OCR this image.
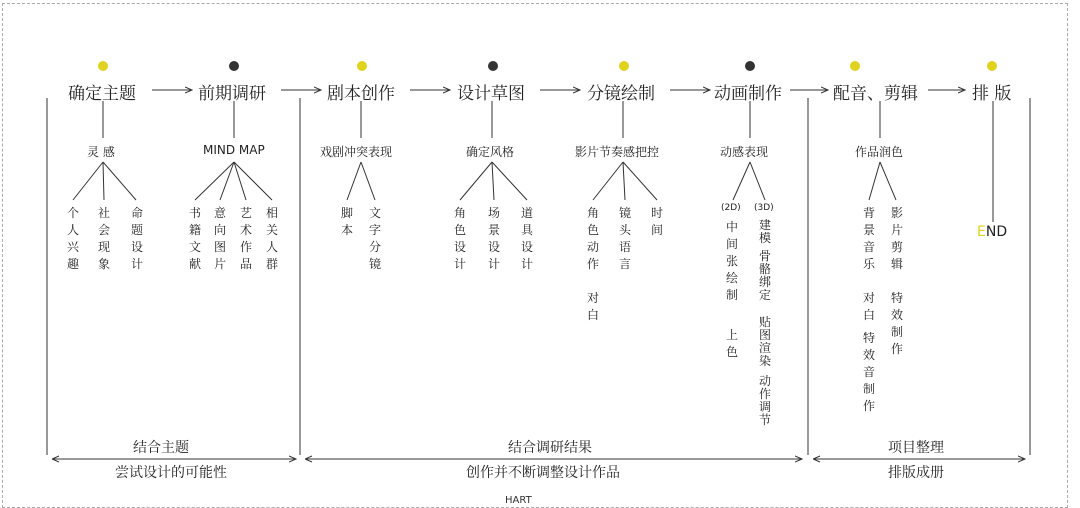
确定主题	前期调研	剧本创作	设计草图	分镜绘制	动画制作	配音、剪辑	排 版
灵 感	MIND MAP	戏剧冲突表现	确定风格	影片节奏感把控	动感表现	作品润色
个人兴趣
社会现象
命题设计
书籍文献
意向图片
艺术作品
相关人群
脚本
文字分镜
角色设计
场景设计
道具设计
角色动作
镜头语言
时间
对白
(2D) (3D)
中间张绘制
上色
建模
骨骼绑定
贴图渲染
动作调节
背景音乐
对白
特效音制作
影片剪辑
特效制作
END
结合主题
尝试设计的可能性
结合调研结果
创作并不断调整设计作品
项目整理
排版成册
HART
